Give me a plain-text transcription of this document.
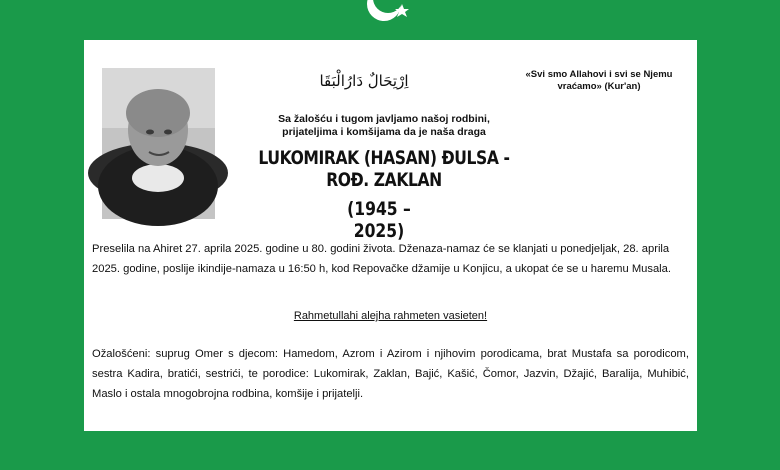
اِرْتِحَالٌ دَارُالْبَقَا	«Svi smo Allahovi i svi se Njemu vraćamo» (Kur'an)
Sa žalošću i tugom javljamo našoj rodbini,
prijateljima i komšijama da je naša draga
LUKOMIRAK (HASAN) ĐULSA - ROĐ. ZAKLAN
(1945 – 2025)
Preselila na Ahiret 27. aprila 2025. godine u 80. godini života. Dženaza-namaz će se klanjati u ponedjeljak, 28. aprila 2025. godine, poslije ikindije-namaza u 16:50 h, kod Repovačke džamije u Konjicu, a ukopat će se u haremu Musala.
Rahmetullahi alejha rahmeten vasieten!
Ožalošćeni: suprug Omer s djecom: Hamedom, Azrom i Azirom i njihovim porodicama, brat Mustafa sa porodicom, sestra Kadira, bratići, sestrići, te porodice: Lukomirak, Zaklan, Bajić, Kašić, Čomor, Jazvin, Džajić, Baralija, Muhibić, Maslo i ostala mnogobrojna rodbina, komšije i prijatelji.
